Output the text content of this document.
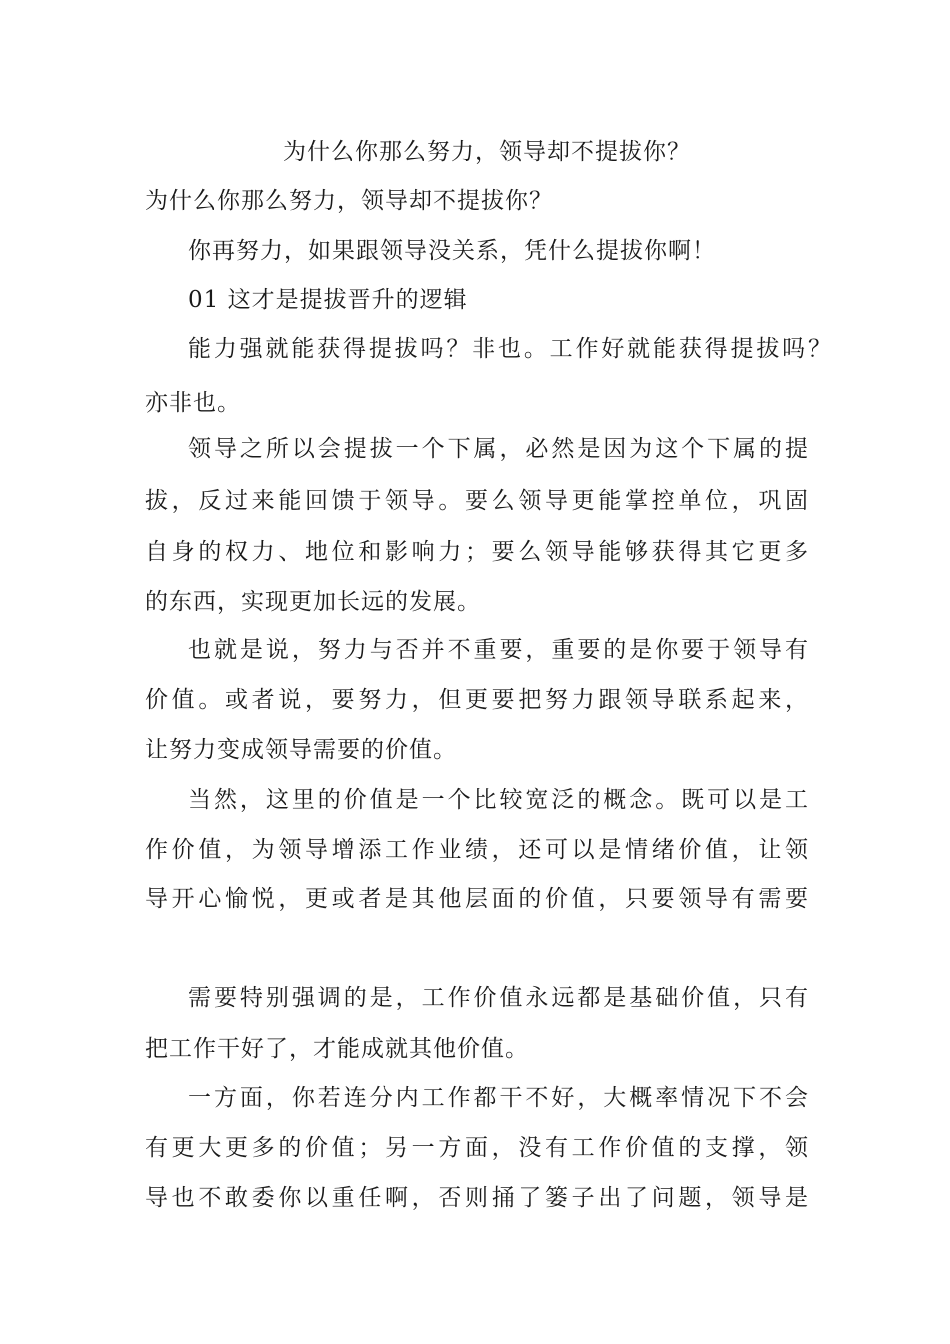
为什么你那么努力，领导却不提拔你？
为什么你那么努力，领导却不提拔你？
你再努力，如果跟领导没关系，凭什么提拔你啊！
01 这才是提拔晋升的逻辑
能力强就能获得提拔吗？非也。工作好就能获得提拔吗？
亦非也。
领导之所以会提拔一个下属，必然是因为这个下属的提
拔，反过来能回馈于领导。要么领导更能掌控单位，巩固
自身的权力、地位和影响力；要么领导能够获得其它更多
的东西，实现更加长远的发展。
也就是说，努力与否并不重要，重要的是你要于领导有
价值。或者说，要努力，但更要把努力跟领导联系起来，
让努力变成领导需要的价值。
当然，这里的价值是一个比较宽泛的概念。既可以是工
作价值，为领导增添工作业绩，还可以是情绪价值，让领
导开心愉悦，更或者是其他层面的价值，只要领导有需要
需要特别强调的是，工作价值永远都是基础价值，只有
把工作干好了，才能成就其他价值。
一方面，你若连分内工作都干不好，大概率情况下不会
有更大更多的价值；另一方面，没有工作价值的支撑，领
导也不敢委你以重任啊，否则捅了篓子出了问题，领导是
